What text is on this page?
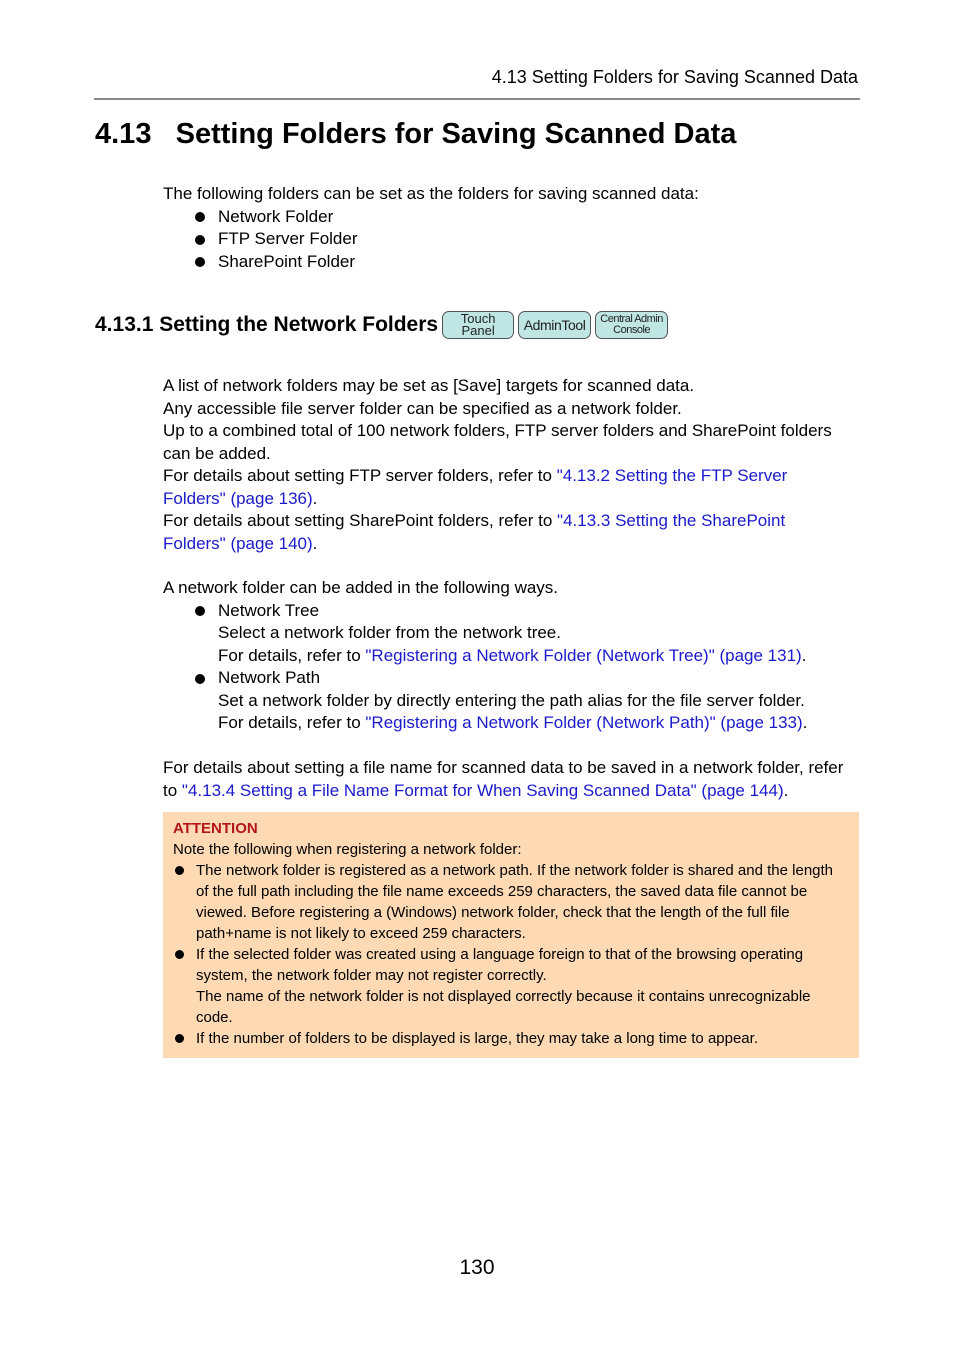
4.13 Setting Folders for Saving Scanned Data
4.13 Setting Folders for Saving Scanned Data

The following folders can be set as the folders for saving scanned data:

Network Folder
FTP Server Folder
SharePoint Folder
4.13.1 Setting the Network Folders Touch
Panel	AdminTool	Central Admin
Console

A list of network folders may be set as [Save] targets for scanned data.

Any accessible file server folder can be specified as a network folder.

Up to a combined total of 100 network folders, FTP server folders and SharePoint folders can be added.

For details about setting FTP server folders, refer to "4.13.2 Setting the FTP Server Folders" (page 136).

For details about setting SharePoint folders, refer to "4.13.3 Setting the SharePoint Folders" (page 140).

A network folder can be added in the following ways.

Network Tree

Select a network folder from the network tree.

For details, refer to "Registering a Network Folder (Network Tree)" (page 131).

Network Path

Set a network folder by directly entering the path alias for the file server folder.

For details, refer to "Registering a Network Folder (Network Path)" (page 133).

For details about setting a file name for scanned data to be saved in a network folder, refer to "4.13.4 Setting a File Name Format for When Saving Scanned Data" (page 144).

ATTENTION
Note the following when registering a network folder:
The network folder is registered as a network path. If the network folder is shared and the length of the full path including the file name exceeds 259 characters, the saved data file cannot be viewed. Before registering a (Windows) network folder, check that the length of the full file path+name is not likely to exceed 259 characters.
If the selected folder was created using a language foreign to that of the browsing operating system, the network folder may not register correctly.
The name of the network folder is not displayed correctly because it contains unrecognizable code.
If the number of folders to be displayed is large, they may take a long time to appear.
130
